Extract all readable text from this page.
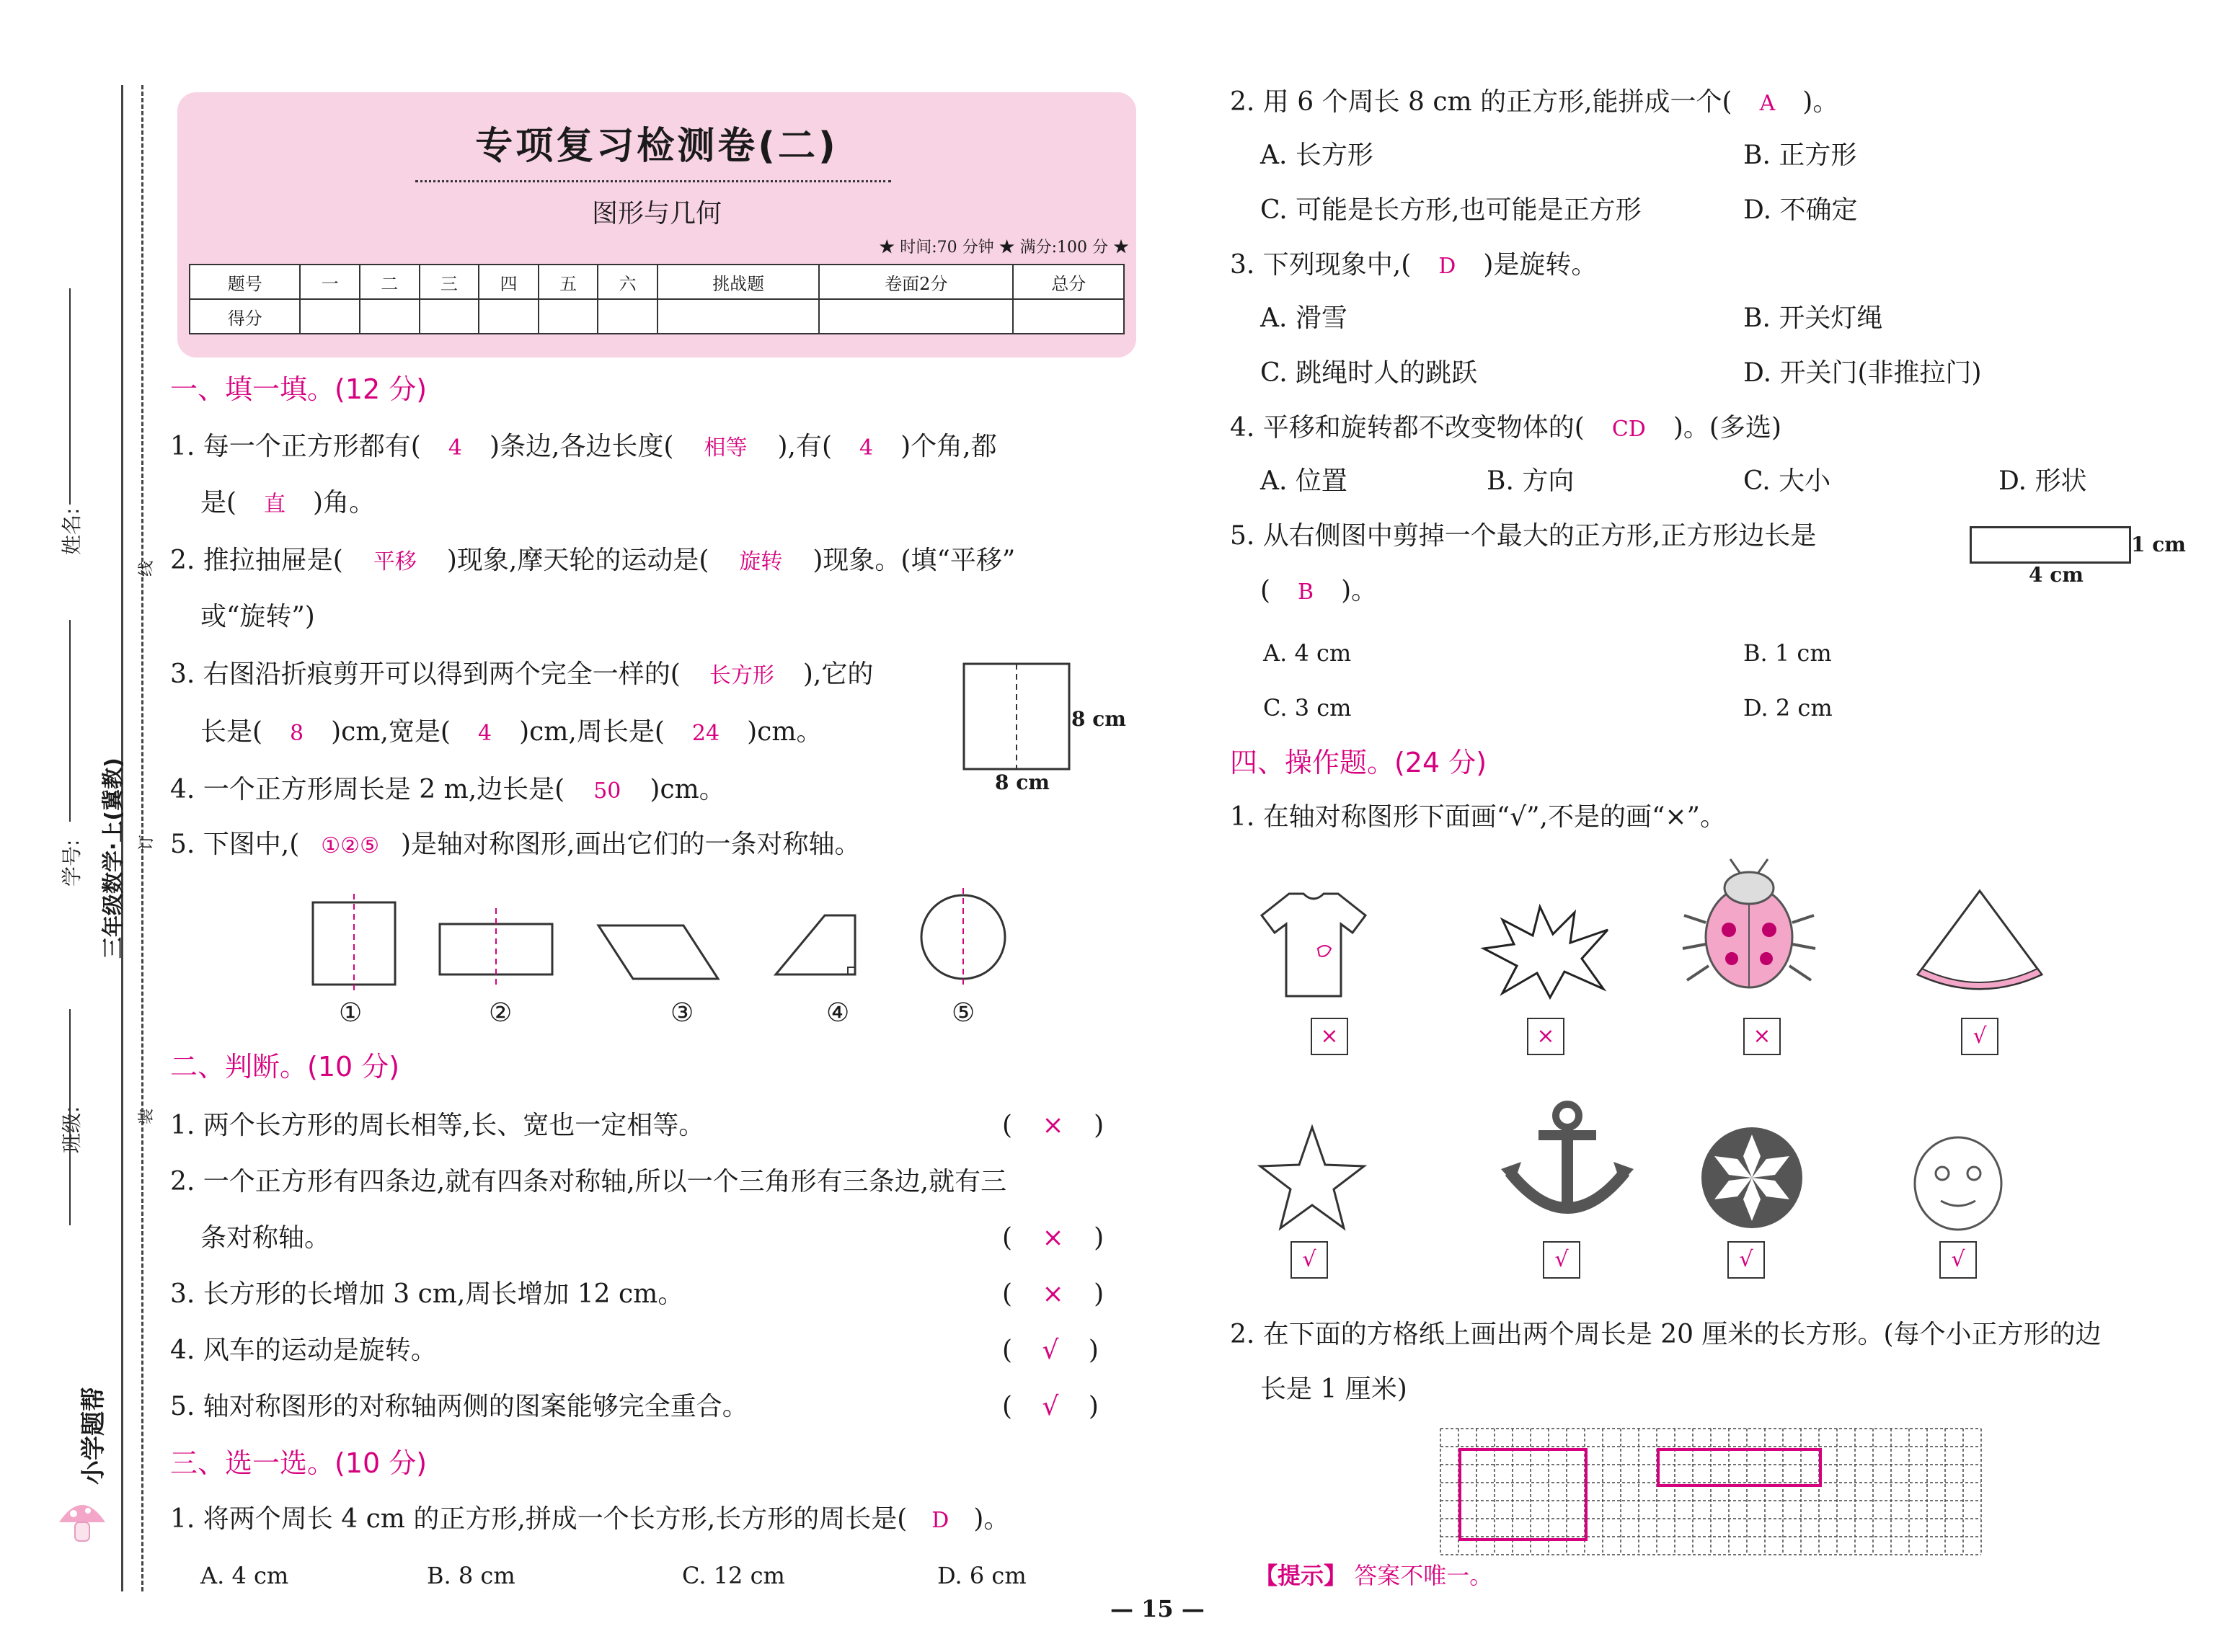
姓名:
线
学号: 三年级数学·上(冀教) 订
装
班级:
小学题帮
专项复习检测卷(二)
图形与几何
★ 时间:70 分钟 ★ 满分:100 分 ★
题号	一	二	三	四	五	六	挑战题	卷面2分	总分
得分									
一、填一填。(12 分)
1. 每一个正方形都有( 4 )条边,各边长度( 相等 ),有( 4 )个角,都
是( 直 )角。
2. 推拉抽屉是( 平移 )现象,摩天轮的运动是( 旋转 )现象。(填“平移”
或“旋转”)
3. 右图沿折痕剪开可以得到两个完全一样的( 长方形 ),它的
长是( 8 )cm,宽是( 4 )cm,周长是( 24 )cm。	8 cm
8 cm
4. 一个正方形周长是 2 m,边长是( 50 )cm。
5. 下图中,( ①②⑤ )是轴对称图形,画出它们的一条对称轴。
①	②	③	④	⑤
二、判断。(10 分)
1. 两个长方形的周长相等,长、宽也一定相等。	( × )
2. 一个正方形有四条边,就有四条对称轴,所以一个三角形有三条边,就有三
条对称轴。	( × )
3. 长方形的长增加 3 cm,周长增加 12 cm。	( × )
4. 风车的运动是旋转。	( √ )
5. 轴对称图形的对称轴两侧的图案能够完全重合。	( √ )
三、选一选。(10 分)
1. 将两个周长 4 cm 的正方形,拼成一个长方形,长方形的周长是( D )。
A. 4 cm	B. 8 cm	C. 12 cm	D. 6 cm
2. 用 6 个周长 8 cm 的正方形,能拼成一个( A )。
A. 长方形	B. 正方形
C. 可能是长方形,也可能是正方形	D. 不确定
3. 下列现象中,( D )是旋转。
A. 滑雪	B. 开关灯绳
C. 跳绳时人的跳跃	D. 开关门(非推拉门)
4. 平移和旋转都不改变物体的( CD )。(多选)
A. 位置	B. 方向	C. 大小	D. 形状
5. 从右侧图中剪掉一个最大的正方形,正方形边长是
( B )。
1 cm
4 cm
A. 4 cm	B. 1 cm
C. 3 cm	D. 2 cm
四、操作题。(24 分)
1. 在轴对称图形下面画“√”,不是的画“×”。
×	×	×	√
√	√	√	√
2. 在下面的方格纸上画出两个周长是 20 厘米的长方形。(每个小正方形的边
长是 1 厘米)
【提示】 答案不唯一。
— 15 —
